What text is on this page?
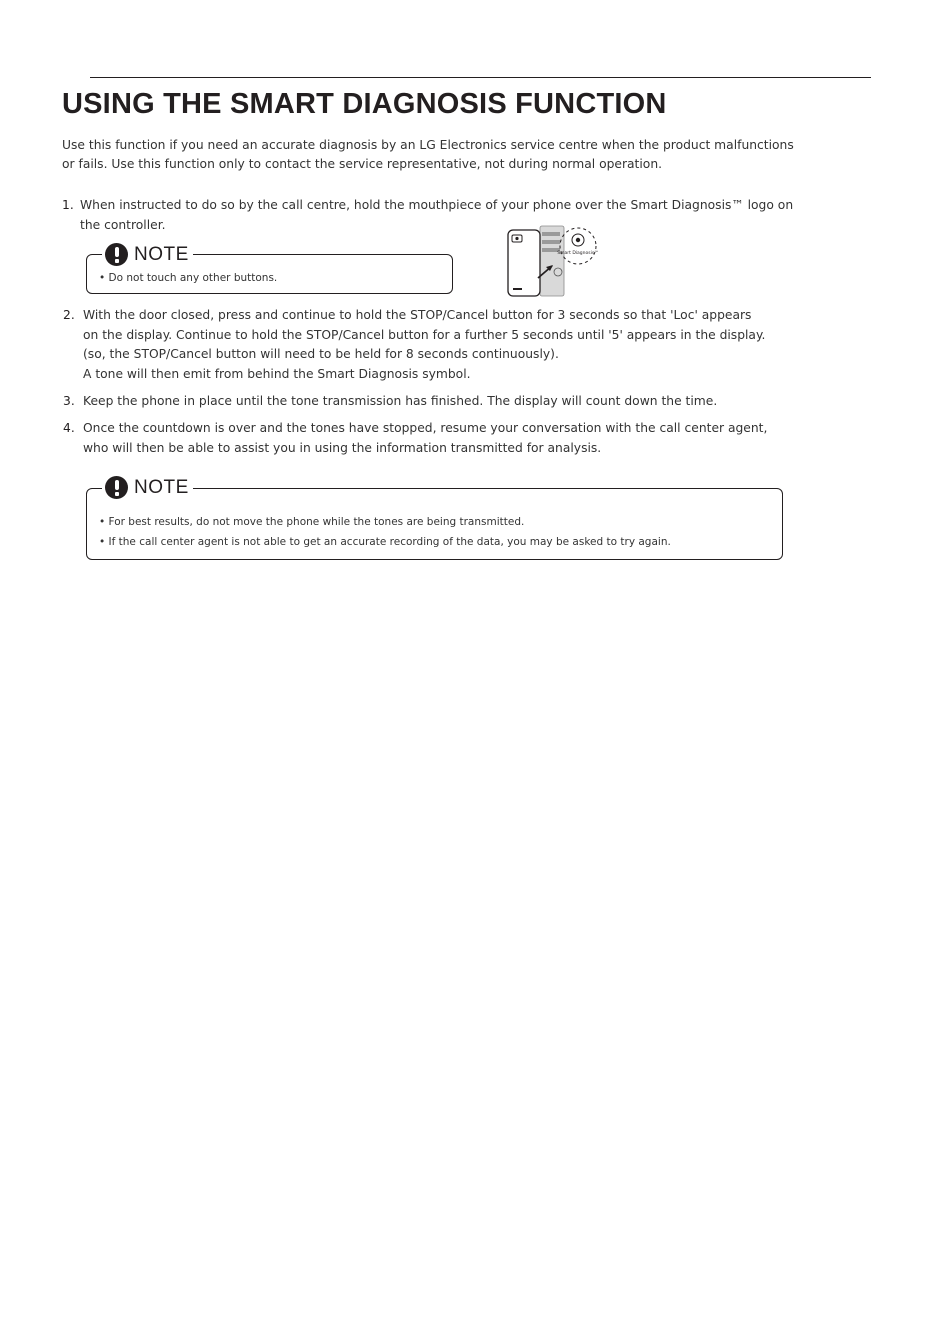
USING THE SMART DIAGNOSIS FUNCTION
Use this function if you need an accurate diagnosis by an LG Electronics service centre when the product malfunctions
or fails. Use this function only to contact the service representative, not during normal operation.
1. When instructed to do so by the call centre, hold the mouthpiece of your phone over the Smart Diagnosis™ logo on
the controller.
NOTE
• Do not touch any other buttons.
Smart Diagnosis™
2. With the door closed, press and continue to hold the STOP/Cancel button for 3 seconds so that 'Loc' appears
on the display. Continue to hold the STOP/Cancel button for a further 5 seconds until '5' appears in the display.
(so, the STOP/Cancel button will need to be held for 8 seconds continuously).
A tone will then emit from behind the Smart Diagnosis symbol.
3. Keep the phone in place until the tone transmission has finished. The display will count down the time.
4. Once the countdown is over and the tones have stopped, resume your conversation with the call center agent,
who will then be able to assist you in using the information transmitted for analysis.
NOTE
• For best results, do not move the phone while the tones are being transmitted.
• If the call center agent is not able to get an accurate recording of the data, you may be asked to try again.
